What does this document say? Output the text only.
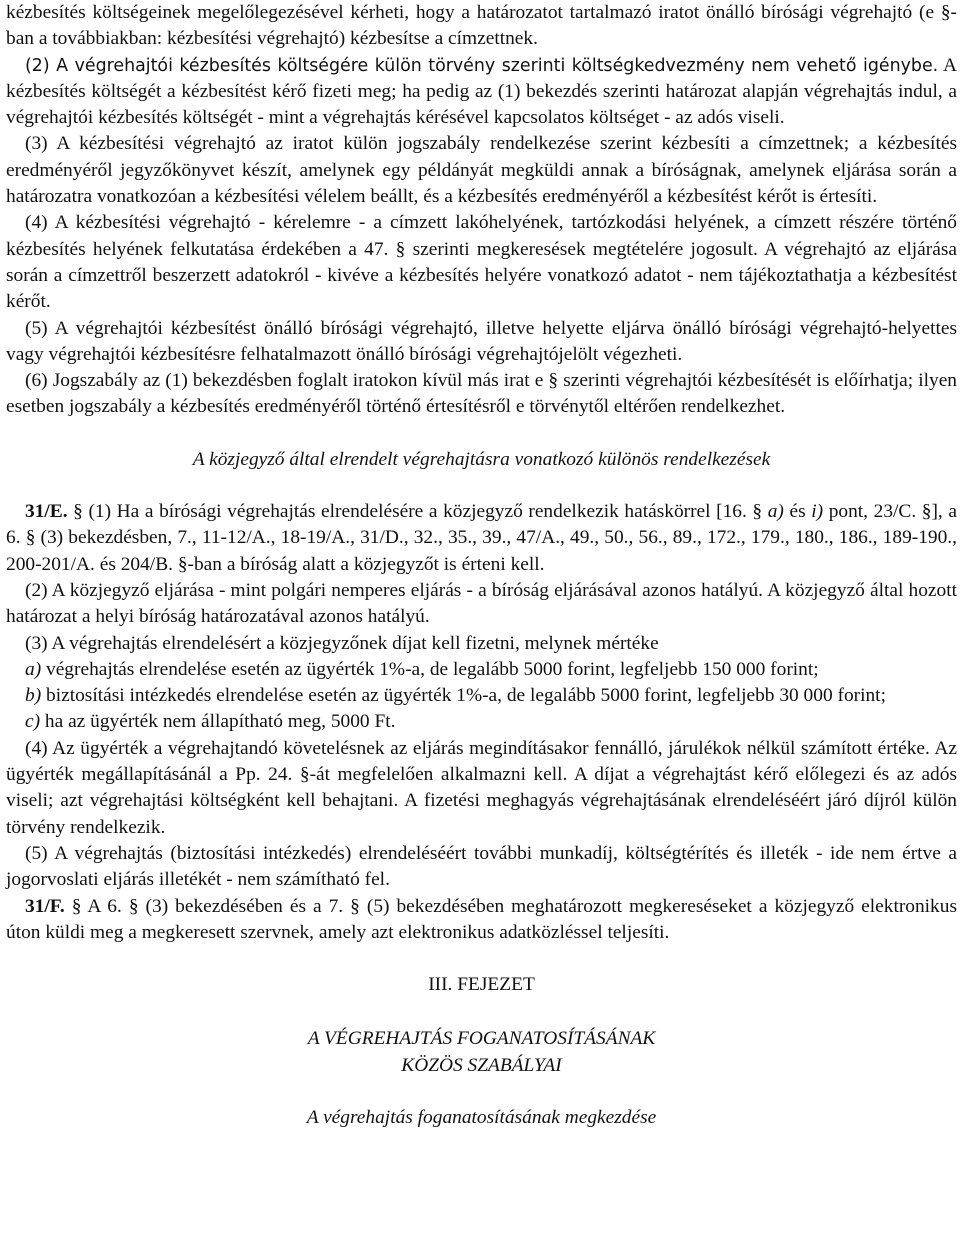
kézbesítés költségeinek megelőlegezésével kérheti, hogy a határozatot tartalmazó iratot önálló bírósági végrehajtó (e §-ban a továbbiakban: kézbesítési végrehajtó) kézbesítse a címzettnek.

(2) A végrehajtói kézbesítés költségére külön törvény szerinti költségkedvezmény nem vehető igénybe. A kézbesítés költségét a kézbesítést kérő fizeti meg; ha pedig az (1) bekezdés szerinti határozat alapján végrehajtás indul, a végrehajtói kézbesítés költségét - mint a végrehajtás kérésével kapcsolatos költséget - az adós viseli.

(3) A kézbesítési végrehajtó az iratot külön jogszabály rendelkezése szerint kézbesíti a címzettnek; a kézbesítés eredményéről jegyzőkönyvet készít, amelynek egy példányát megküldi annak a bíróságnak, amelynek eljárása során a határozatra vonatkozóan a kézbesítési vélelem beállt, és a kézbesítés eredményéről a kézbesítést kérőt is értesíti.

(4) A kézbesítési végrehajtó - kérelemre - a címzett lakóhelyének, tartózkodási helyének, a címzett részére történő kézbesítés helyének felkutatása érdekében a 47. § szerinti megkeresések megtételére jogosult. A végrehajtó az eljárása során a címzettről beszerzett adatokról - kivéve a kézbesítés helyére vonatkozó adatot - nem tájékoztathatja a kézbesítést kérőt.

(5) A végrehajtói kézbesítést önálló bírósági végrehajtó, illetve helyette eljárva önálló bírósági végrehajtó-helyettes vagy végrehajtói kézbesítésre felhatalmazott önálló bírósági végrehajtójelölt végezheti.

(6) Jogszabály az (1) bekezdésben foglalt iratokon kívül más irat e § szerinti végrehajtói kézbesítését is előírhatja; ilyen esetben jogszabály a kézbesítés eredményéről történő értesítésről e törvénytől eltérően rendelkezhet.

A közjegyző által elrendelt végrehajtásra vonatkozó különös rendelkezések

31/E. § (1) Ha a bírósági végrehajtás elrendelésére a közjegyző rendelkezik hatáskörrel [16. § a) és i) pont, 23/C. §], a 6. § (3) bekezdésben, 7., 11-12/A., 18-19/A., 31/D., 32., 35., 39., 47/A., 49., 50., 56., 89., 172., 179., 180., 186., 189-190., 200-201/A. és 204/B. §-ban a bíróság alatt a közjegyzőt is érteni kell.

(2) A közjegyző eljárása - mint polgári nemperes eljárás - a bíróság eljárásával azonos hatályú. A közjegyző által hozott határozat a helyi bíróság határozatával azonos hatályú.

(3) A végrehajtás elrendelésért a közjegyzőnek díjat kell fizetni, melynek mértéke

a) végrehajtás elrendelése esetén az ügyérték 1%-a, de legalább 5000 forint, legfeljebb 150 000 forint;

b) biztosítási intézkedés elrendelése esetén az ügyérték 1%-a, de legalább 5000 forint, legfeljebb 30 000 forint;

c) ha az ügyérték nem állapítható meg, 5000 Ft.

(4) Az ügyérték a végrehajtandó követelésnek az eljárás megindításakor fennálló, járulékok nélkül számított értéke. Az ügyérték megállapításánál a Pp. 24. §-át megfelelően alkalmazni kell. A díjat a végrehajtást kérő előlegezi és az adós viseli; azt végrehajtási költségként kell behajtani. A fizetési meghagyás végrehajtásának elrendeléséért járó díjról külön törvény rendelkezik.

(5) A végrehajtás (biztosítási intézkedés) elrendeléséért további munkadíj, költségtérítés és illeték - ide nem értve a jogorvoslati eljárás illetékét - nem számítható fel.

31/F. § A 6. § (3) bekezdésében és a 7. § (5) bekezdésében meghatározott megkereséseket a közjegyző elektronikus úton küldi meg a megkeresett szervnek, amely azt elektronikus adatközléssel teljesíti.

III. FEJEZET

A VÉGREHAJTÁS FOGANATOSÍTÁSÁNAK
KÖZÖS SZABÁLYAI

A végrehajtás foganatosításának megkezdése
